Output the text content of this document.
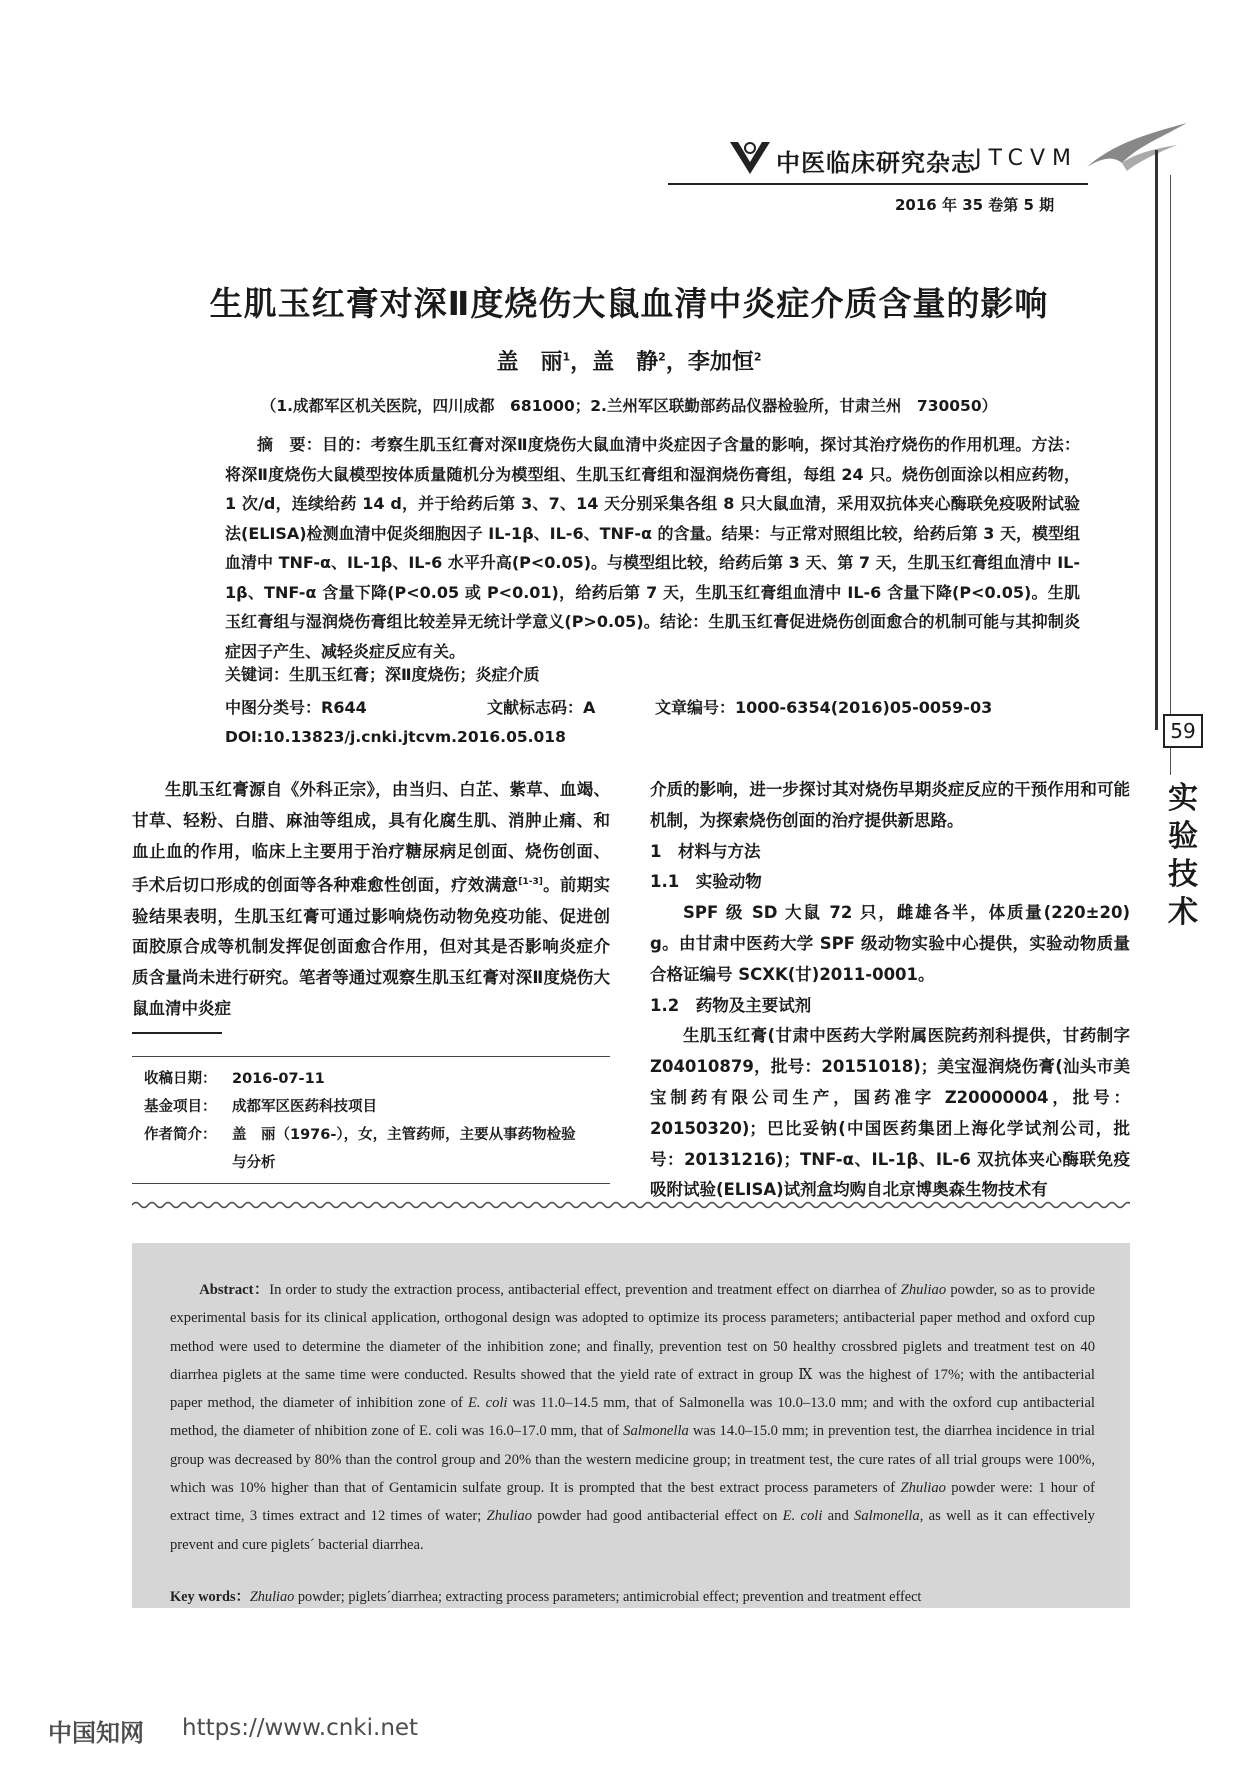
中医临床研究杂志 JTCVM
2016 年 35 卷第 5 期
59
实验技术
生肌玉红膏对深Ⅱ度烧伤大鼠血清中炎症介质含量的影响
盖　丽$^1$，盖　静$^2$，李加恒$^2$
（1.成都军区机关医院，四川成都　681000；2.兰州军区联勤部药品仪器检验所，甘肃兰州　730050）
摘　要：目的：考察生肌玉红膏对深Ⅱ度烧伤大鼠血清中炎症因子含量的影响，探讨其治疗烧伤的作用机理。方法：将深Ⅱ度烧伤大鼠模型按体质量随机分为模型组、生肌玉红膏组和湿润烧伤膏组，每组 24 只。烧伤创面涂以相应药物，1 次/d，连续给药 14 d，并于给药后第 3、7、14 天分别采集各组 8 只大鼠血清，采用双抗体夹心酶联免疫吸附试验法(ELISA)检测血清中促炎细胞因子 IL-1β、IL-6、TNF-α 的含量。结果：与正常对照组比较，给药后第 3 天，模型组血清中 TNF-α、IL-1β、IL-6 水平升高(P<0.05)。与模型组比较，给药后第 3 天、第 7 天，生肌玉红膏组血清中 IL-1β、TNF-α 含量下降(P<0.05 或 P<0.01)，给药后第 7 天，生肌玉红膏组血清中 IL-6 含量下降(P<0.05)。生肌玉红膏组与湿润烧伤膏组比较差异无统计学意义(P>0.05)。结论：生肌玉红膏促进烧伤创面愈合的机制可能与其抑制炎症因子产生、减轻炎症反应有关。
关键词：生肌玉红膏；深Ⅱ度烧伤；炎症介质
中图分类号：R644	文献标志码：A	文章编号：1000-6354(2016)05-0059-03
DOI:10.13823/j.cnki.jtcvm.2016.05.018

生肌玉红膏源自《外科正宗》，由当归、白芷、紫草、血竭、甘草、轻粉、白腊、麻油等组成，具有化腐生肌、消肿止痛、和血止血的作用，临床上主要用于治疗糖尿病足创面、烧伤创面、手术后切口形成的创面等各种难愈性创面，疗效满意[1-3]。前期实验结果表明，生肌玉红膏可通过影响烧伤动物免疫功能、促进创面胶原合成等机制发挥促创面愈合作用，但对其是否影响炎症介质含量尚未进行研究。笔者等通过观察生肌玉红膏对深Ⅱ度烧伤大鼠血清中炎症

收稿日期： 2016-07-11
基金项目： 成都军区医药科技项目
作者简介： 盖　丽（1976-），女，主管药师，主要从事药物检验
与分析

介质的影响，进一步探讨其对烧伤早期炎症反应的干预作用和可能机制，为探索烧伤创面的治疗提供新思路。

1　材料与方法

1.1　实验动物

SPF 级 SD 大鼠 72 只，雌雄各半，体质量(220±20) g。由甘肃中医药大学 SPF 级动物实验中心提供，实验动物质量合格证编号 SCXK(甘)2011-0001。

1.2　药物及主要试剂

生肌玉红膏(甘肃中医药大学附属医院药剂科提供，甘药制字 Z04010879，批号：20151018)；美宝湿润烧伤膏(汕头市美宝制药有限公司生产，国药准字 Z20000004，批号：20150320)；巴比妥钠(中国医药集团上海化学试剂公司，批号：20131216)；TNF-α、IL-1β、IL-6 双抗体夹心酶联免疫吸附试验(ELISA)试剂盒均购自北京博奥森生物技术有

Abstract：In order to study the extraction process, antibacterial effect, prevention and treatment effect on diarrhea of Zhuliao powder, so as to provide experimental basis for its clinical application, orthogonal design was adopted to optimize its process parameters; antibacterial paper method and oxford cup method were used to determine the diameter of the inhibition zone; and finally, prevention test on 50 healthy crossbred piglets and treatment test on 40 diarrhea piglets at the same time were conducted. Results showed that the yield rate of extract in group Ⅸ was the highest of 17%; with the antibacterial paper method, the diameter of inhibition zone of E. coli was 11.0–14.5 mm, that of Salmonella was 10.0–13.0 mm; and with the oxford cup antibacterial method, the diameter of nhibition zone of E. coli was 16.0–17.0 mm, that of Salmonella was 14.0–15.0 mm; in prevention test, the diarrhea incidence in trial group was decreased by 80% than the control group and 20% than the western medicine group; in treatment test, the cure rates of all trial groups were 100%, which was 10% higher than that of Gentamicin sulfate group. It is prompted that the best extract process parameters of Zhuliao powder were: 1 hour of extract time, 3 times extract and 12 times of water; Zhuliao powder had good antibacterial effect on E. coli and Salmonella, as well as it can effectively prevent and cure piglets´ bacterial diarrhea.
Key words：Zhuliao powder; piglets´diarrhea; extracting process parameters; antimicrobial effect; prevention and treatment effect
中国知网 https://www.cnki.net
